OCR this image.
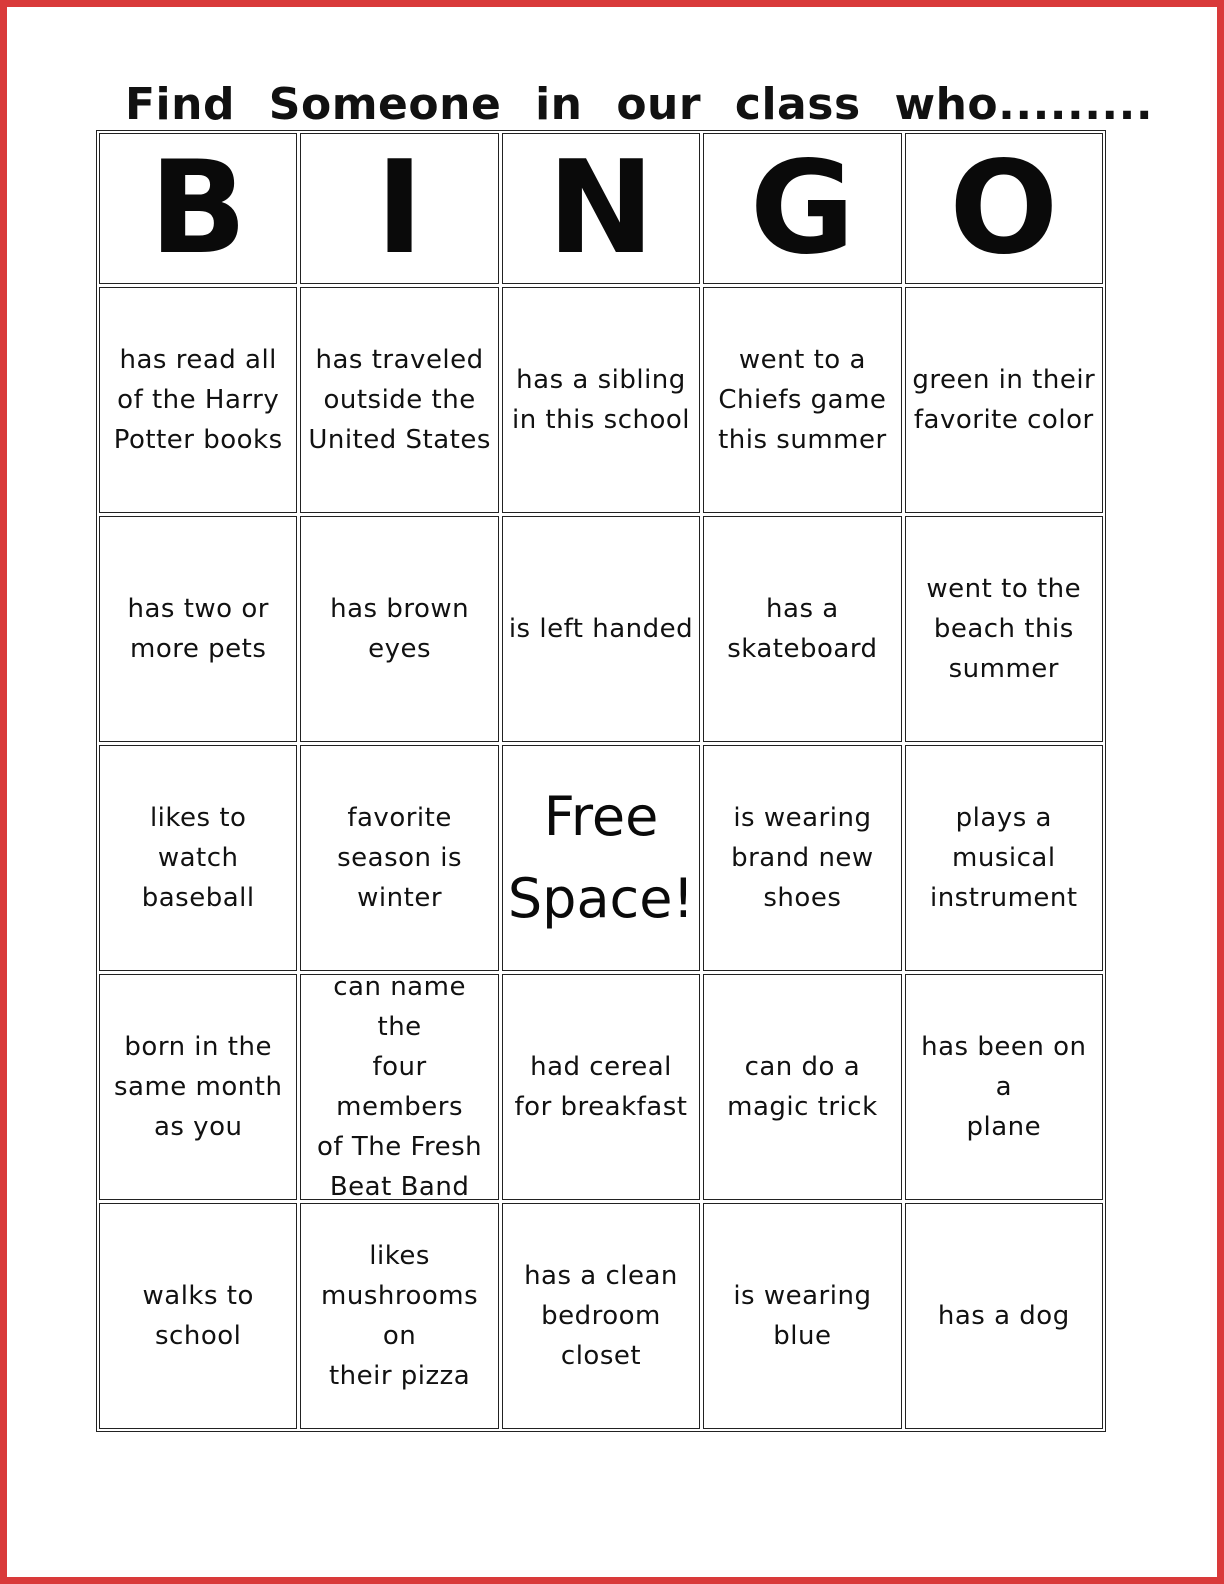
Find Someone in our class who.........
B	I N G O
has read all
of the Harry
Potter books
has traveled
outside the
United States
has a sibling
in this school
went to a
Chiefs game
this summer
green in their
favorite color
has two or
more pets
has brown
eyes
is left handed
has a
skateboard
went to the
beach this
summer
likes to watch
baseball
favorite
season is
winter
Free
Space!
is wearing
brand new
shoes
plays a
musical
instrument
born in the
same month
as you
can name the
four members
of The Fresh
Beat Band
had cereal
for breakfast
can do a
magic trick
has been on a
plane
walks to
school
likes
mushrooms on
their pizza
has a clean
bedroom
closet
is wearing
blue
has a dog
